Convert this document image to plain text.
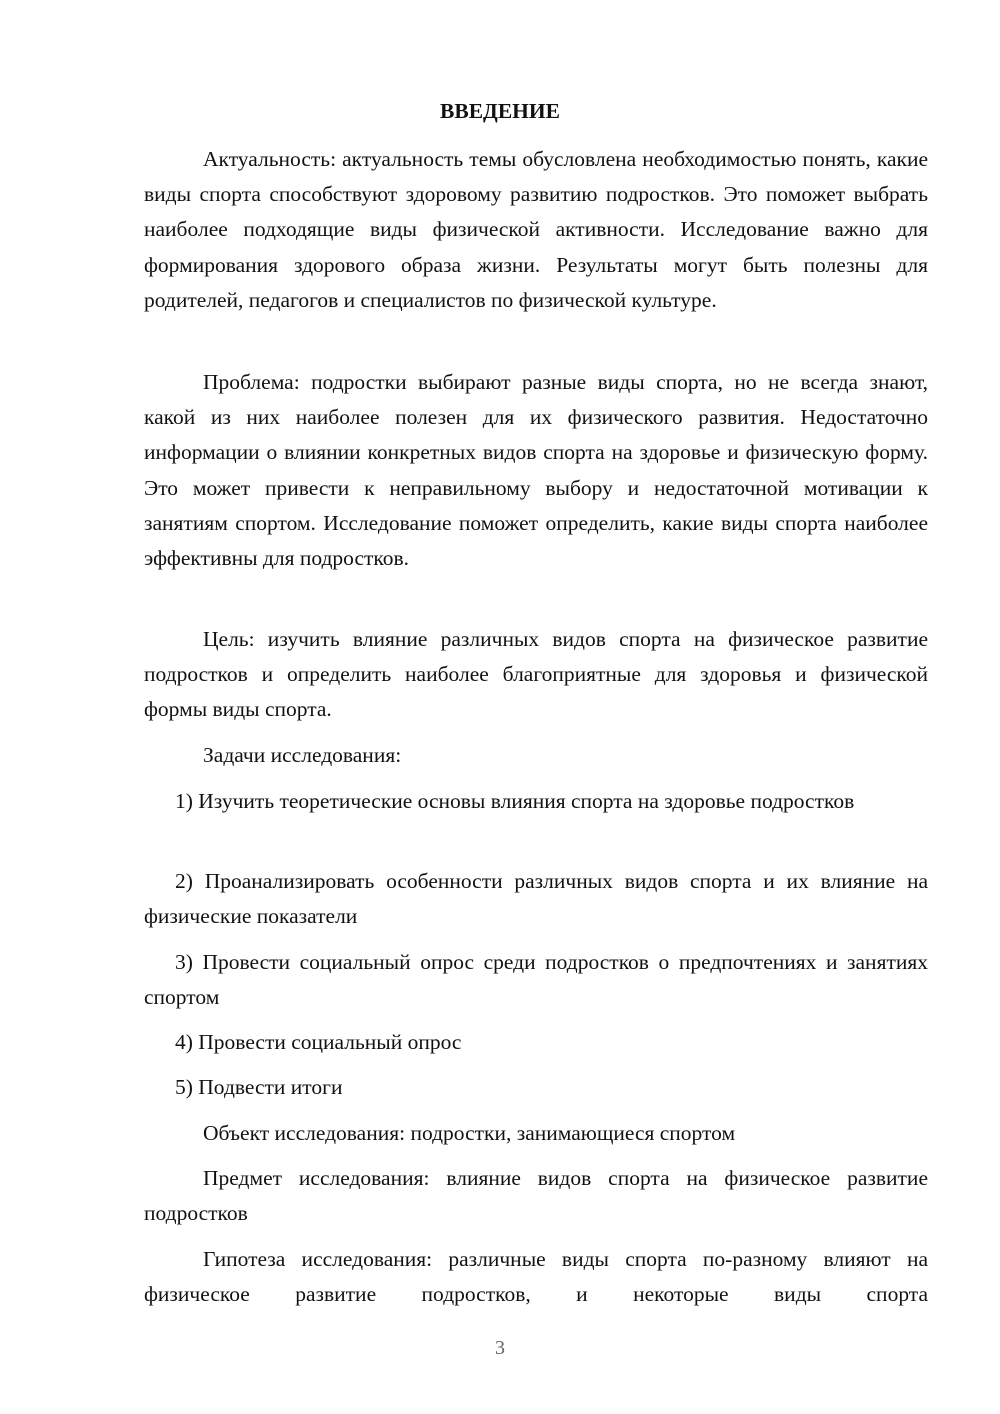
ВВЕДЕНИЕ

Актуальность: актуальность темы обусловлена необходимостью понять, какие виды спорта способствуют здоровому развитию подростков. Это поможет выбрать наиболее подходящие виды физической активности. Исследование важно для формирования здорового образа жизни. Результаты могут быть полезны для родителей, педагогов и специалистов по физической культуре.

Проблема: подростки выбирают разные виды спорта, но не всегда знают, какой из них наиболее полезен для их физического развития. Недостаточно информации о влиянии конкретных видов спорта на здоровье и физическую форму. Это может привести к неправильному выбору и недостаточной мотивации к занятиям спортом. Исследование поможет определить, какие виды спорта наиболее эффективны для подростков.

Цель: изучить влияние различных видов спорта на физическое развитие подростков и определить наиболее благоприятные для здоровья и физической формы виды спорта.

Задачи исследования:

1) Изучить теоретические основы влияния спорта на здоровье подростков

2) Проанализировать особенности различных видов спорта и их влияние на физические показатели

3) Провести социальный опрос среди подростков о предпочтениях и занятиях спортом

4) Провести социальный опрос

5) Подвести итоги

Объект исследования: подростки, занимающиеся спортом

Предмет исследования: влияние видов спорта на физическое развитие подростков

Гипотеза исследования: различные виды спорта по-разному влияют на физическое развитие подростков, и некоторые виды спорта

3
